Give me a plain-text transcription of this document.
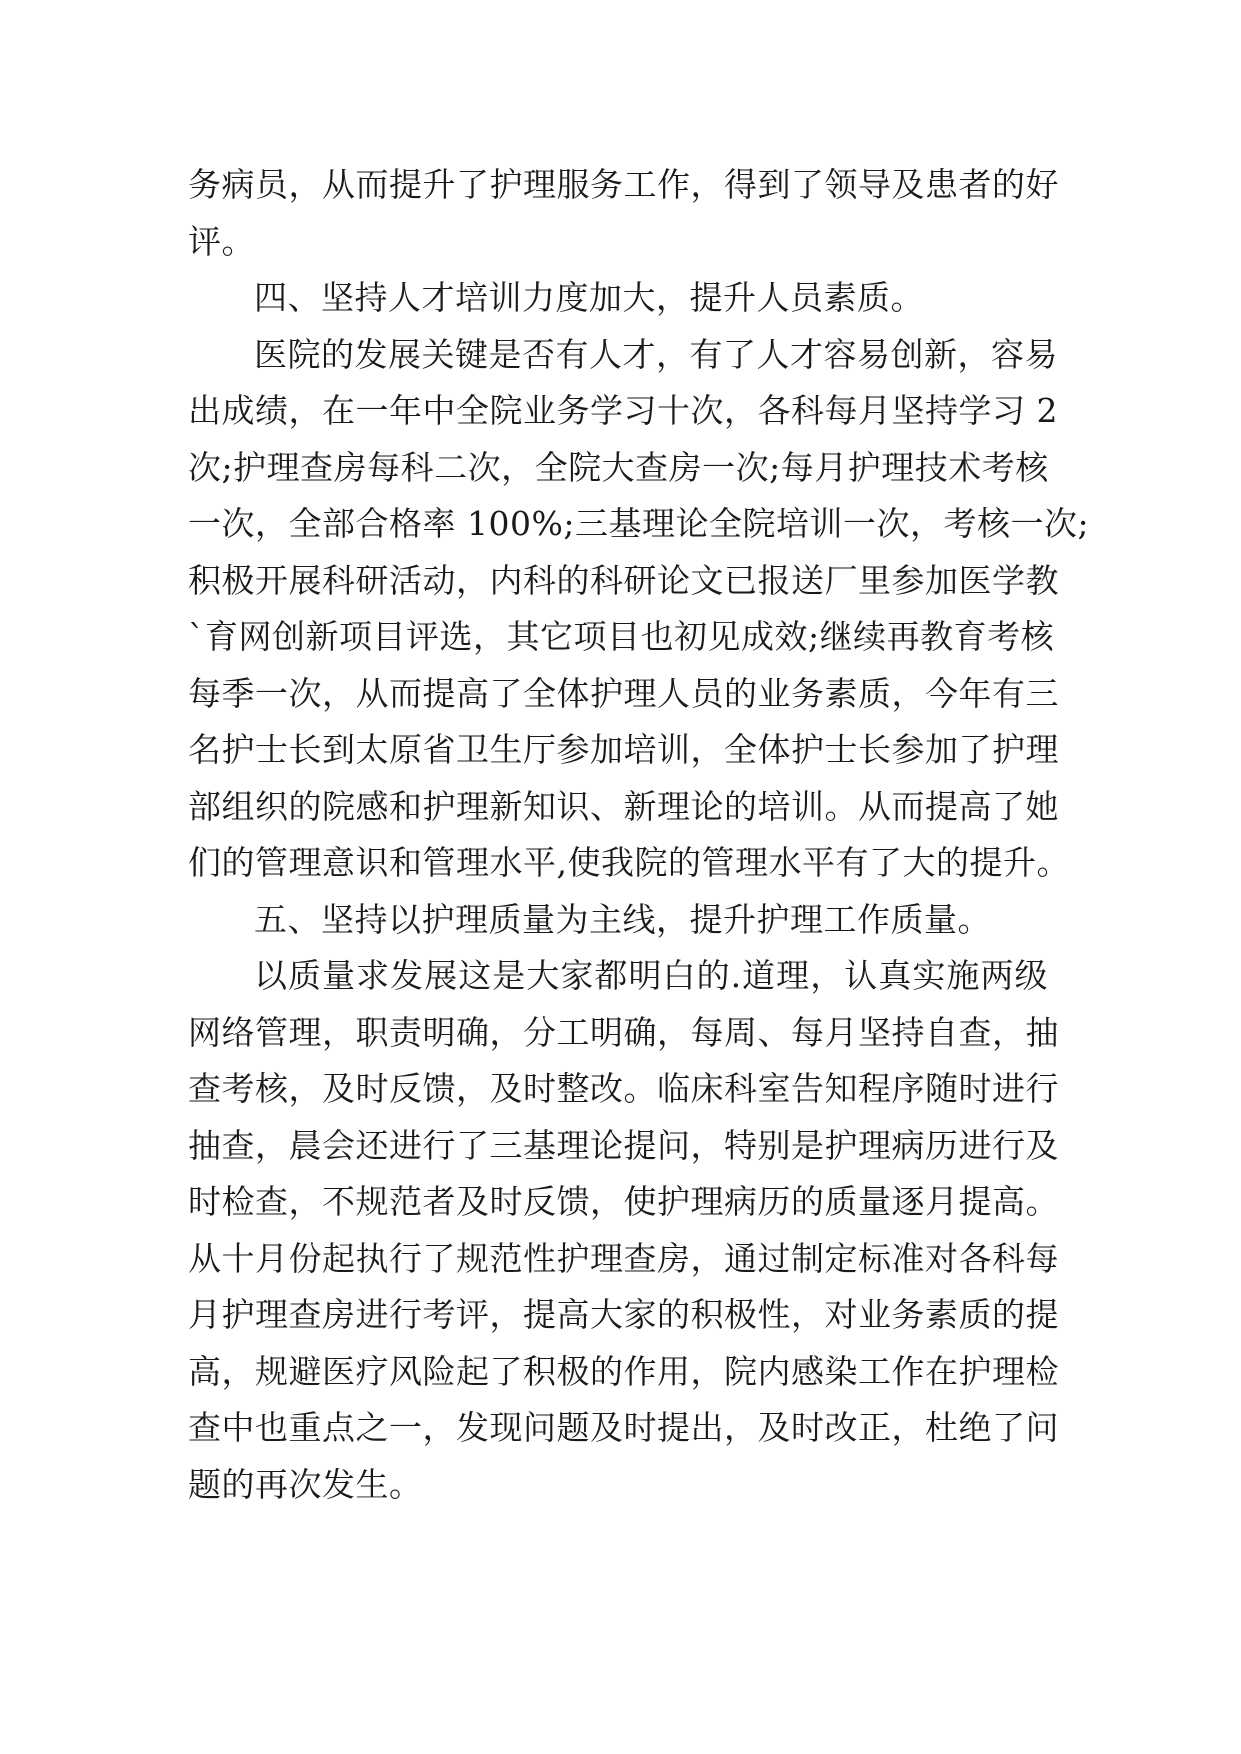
务病员，从而提升了护理服务工作，得到了领导及患者的好
评。
四、坚持人才培训力度加大，提升人员素质。
医院的发展关键是否有人才，有了人才容易创新，容易
出成绩，在一年中全院业务学习十次，各科每月坚持学习 2
次;护理查房每科二次，全院大查房一次;每月护理技术考核
一次，全部合格率 100%;三基理论全院培训一次，考核一次;
积极开展科研活动，内科的科研论文已报送厂里参加医学教
`育网创新项目评选，其它项目也初见成效;继续再教育考核
每季一次，从而提高了全体护理人员的业务素质，今年有三
名护士长到太原省卫生厅参加培训，全体护士长参加了护理
部组织的院感和护理新知识、新理论的培训。从而提高了她
们的管理意识和管理水平,使我院的管理水平有了大的提升。
五、坚持以护理质量为主线，提升护理工作质量。
以质量求发展这是大家都明白的.道理，认真实施两级
网络管理，职责明确，分工明确，每周、每月坚持自查，抽
查考核，及时反馈，及时整改。临床科室告知程序随时进行
抽查，晨会还进行了三基理论提问，特别是护理病历进行及
时检查，不规范者及时反馈，使护理病历的质量逐月提高。
从十月份起执行了规范性护理查房，通过制定标准对各科每
月护理查房进行考评，提高大家的积极性，对业务素质的提
高，规避医疗风险起了积极的作用，院内感染工作在护理检
查中也重点之一，发现问题及时提出，及时改正，杜绝了问
题的再次发生。
